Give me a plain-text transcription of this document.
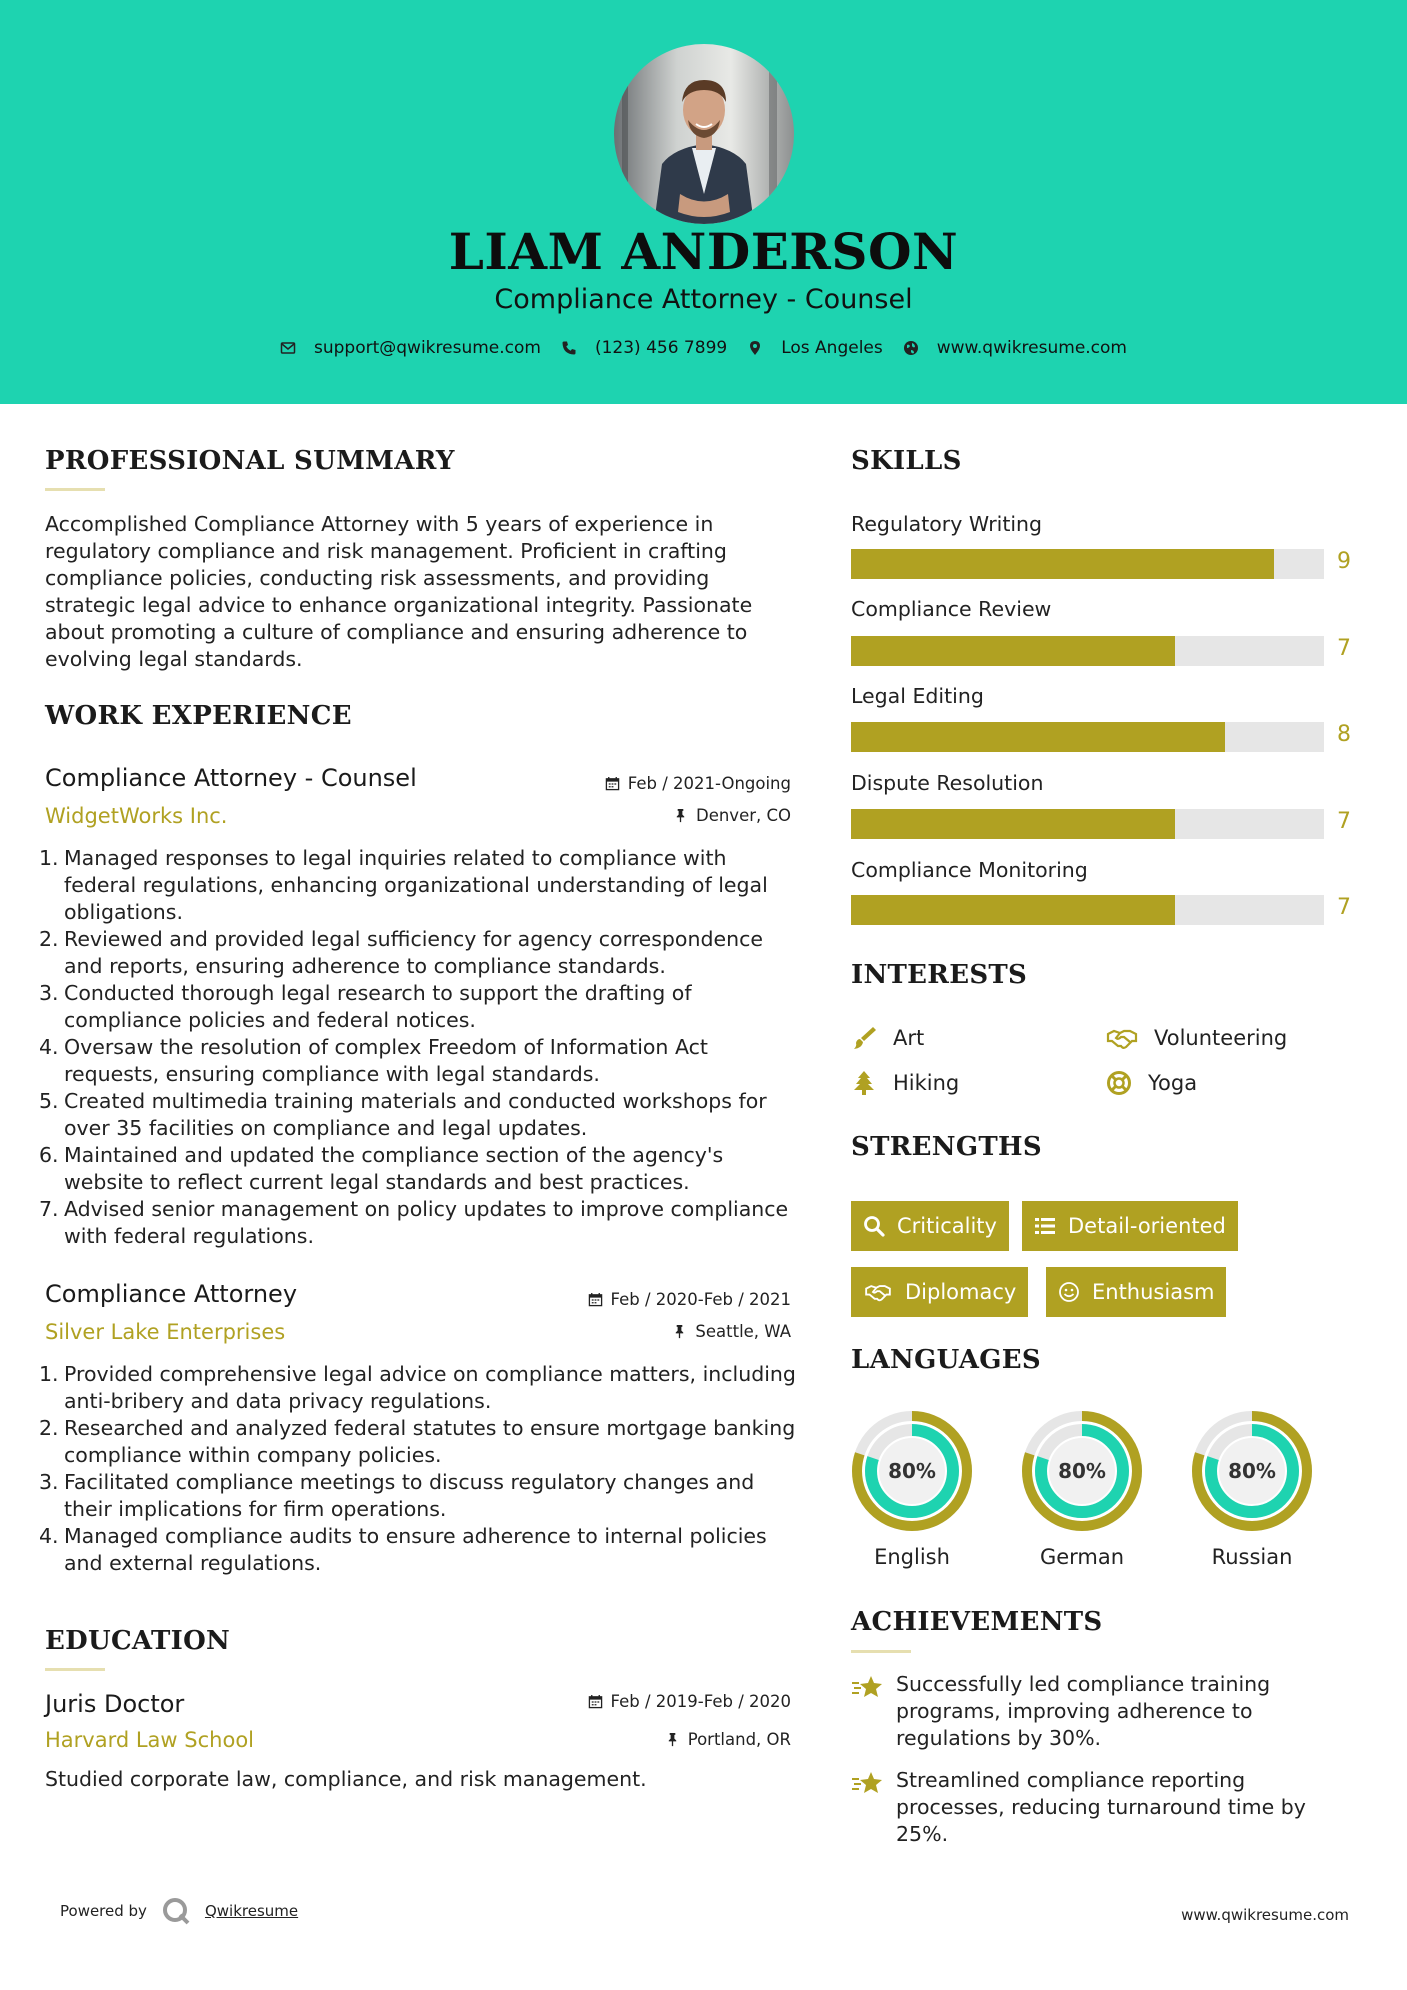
LIAM ANDERSON
Compliance Attorney - Counsel
support@qwikresume.com	(123) 456 7899	Los Angeles	www.qwikresume.com
PROFESSIONAL SUMMARY
Accomplished Compliance Attorney with 5 years of experience in regulatory compliance and risk management. Proficient in crafting compliance policies, conducting risk assessments, and providing strategic legal advice to enhance organizational integrity. Passionate about promoting a culture of compliance and ensuring adherence to evolving legal standards.
WORK EXPERIENCE
Compliance Attorney - Counsel	Feb / 2021-Ongoing
WidgetWorks Inc.	Denver, CO
1. Managed responses to legal inquiries related to compliance with federal regulations, enhancing organizational understanding of legal obligations.
2. Reviewed and provided legal sufficiency for agency correspondence and reports, ensuring adherence to compliance standards.
3. Conducted thorough legal research to support the drafting of compliance policies and federal notices.
4. Oversaw the resolution of complex Freedom of Information Act requests, ensuring compliance with legal standards.
5. Created multimedia training materials and conducted workshops for over 35 facilities on compliance and legal updates.
6. Maintained and updated the compliance section of the agency's website to reflect current legal standards and best practices.
7. Advised senior management on policy updates to improve compliance with federal regulations.
Compliance Attorney	Feb / 2020-Feb / 2021
Silver Lake Enterprises	Seattle, WA
1. Provided comprehensive legal advice on compliance matters, including anti-bribery and data privacy regulations.
2. Researched and analyzed federal statutes to ensure mortgage banking compliance within company policies.
3. Facilitated compliance meetings to discuss regulatory changes and their implications for firm operations.
4. Managed compliance audits to ensure adherence to internal policies and external regulations.
EDUCATION
Juris Doctor	Feb / 2019-Feb / 2020
Harvard Law School	Portland, OR
Studied corporate law, compliance, and risk management.
SKILLS
Regulatory Writing
9
Compliance Review
7
Legal Editing
8
Dispute Resolution
7
Compliance Monitoring
7
INTERESTS
Art	Volunteering
Hiking	Yoga
STRENGTHS
Criticality	Detail-oriented
Diplomacy	Enthusiasm
LANGUAGES
80%
English
80%
German
80%
Russian
ACHIEVEMENTS
Successfully led compliance training programs, improving adherence to regulations by 30%.
Streamlined compliance reporting processes, reducing turnaround time by 25%.
Powered by	Qwikresume	www.qwikresume.com
